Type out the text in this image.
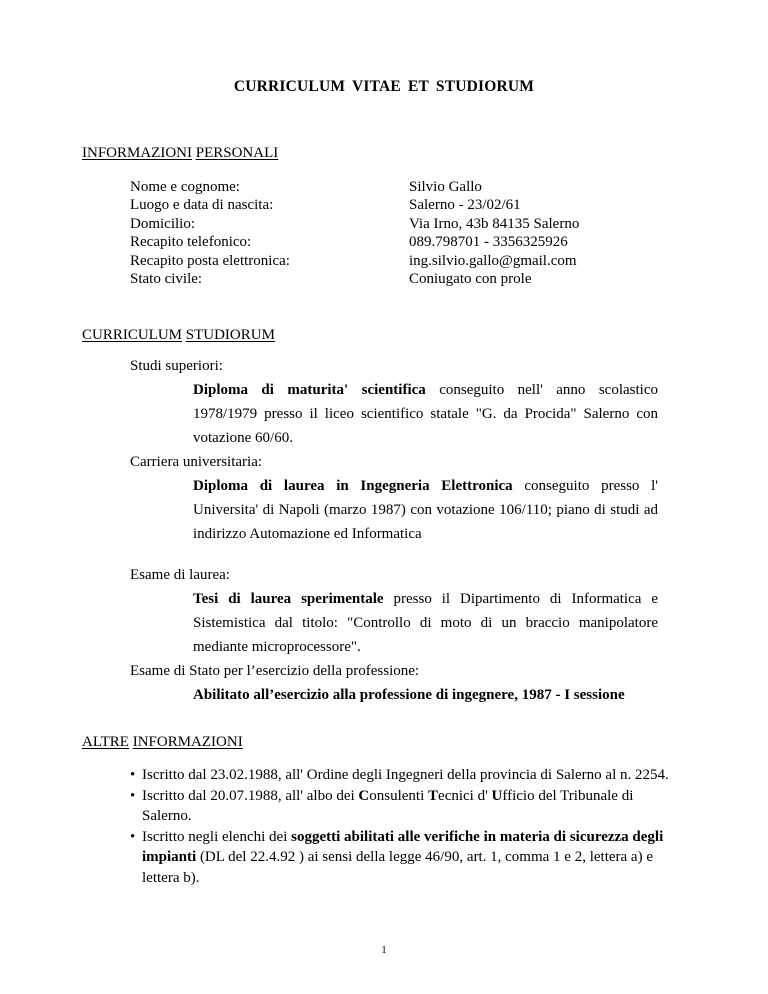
CURRICULUM VITAE ET STUDIORUM
INFORMAZIONI PERSONALI
Nome e cognome:	Silvio Gallo
Luogo e data di nascita:	Salerno - 23/02/61
Domicilio:	Via Irno, 43b 84135 Salerno
Recapito telefonico:	089.798701 - 3356325926
Recapito posta elettronica:	ing.silvio.gallo@gmail.com
Stato civile:	Coniugato con prole
CURRICULUM STUDIORUM
Studi superiori:
Diploma di maturita' scientifica conseguito nell' anno scolastico 1978/1979 presso il liceo scientifico statale "G. da Procida" Salerno con votazione 60/60.
Carriera universitaria:
Diploma di laurea in Ingegneria Elettronica conseguito presso l' Universita' di Napoli (marzo 1987) con votazione 106/110; piano di studi ad indirizzo Automazione ed Informatica
Esame di laurea:
Tesi di laurea sperimentale presso il Dipartimento di Informatica e Sistemistica dal titolo: "Controllo di moto di un braccio manipolatore mediante microprocessore".
Esame di Stato per l’esercizio della professione:
Abilitato all’esercizio alla professione di ingegnere, 1987 - I sessione
ALTRE INFORMAZIONI
• Iscritto dal 23.02.1988, all' Ordine degli Ingegneri della provincia di Salerno al n. 2254.
• Iscritto dal 20.07.1988, all' albo dei Consulenti Tecnici d' Ufficio del Tribunale di Salerno.
• Iscritto negli elenchi dei soggetti abilitati alle verifiche in materia di sicurezza degli impianti (DL del 22.4.92 ) ai sensi della legge 46/90, art. 1, comma 1 e 2, lettera a) e lettera b).
1
